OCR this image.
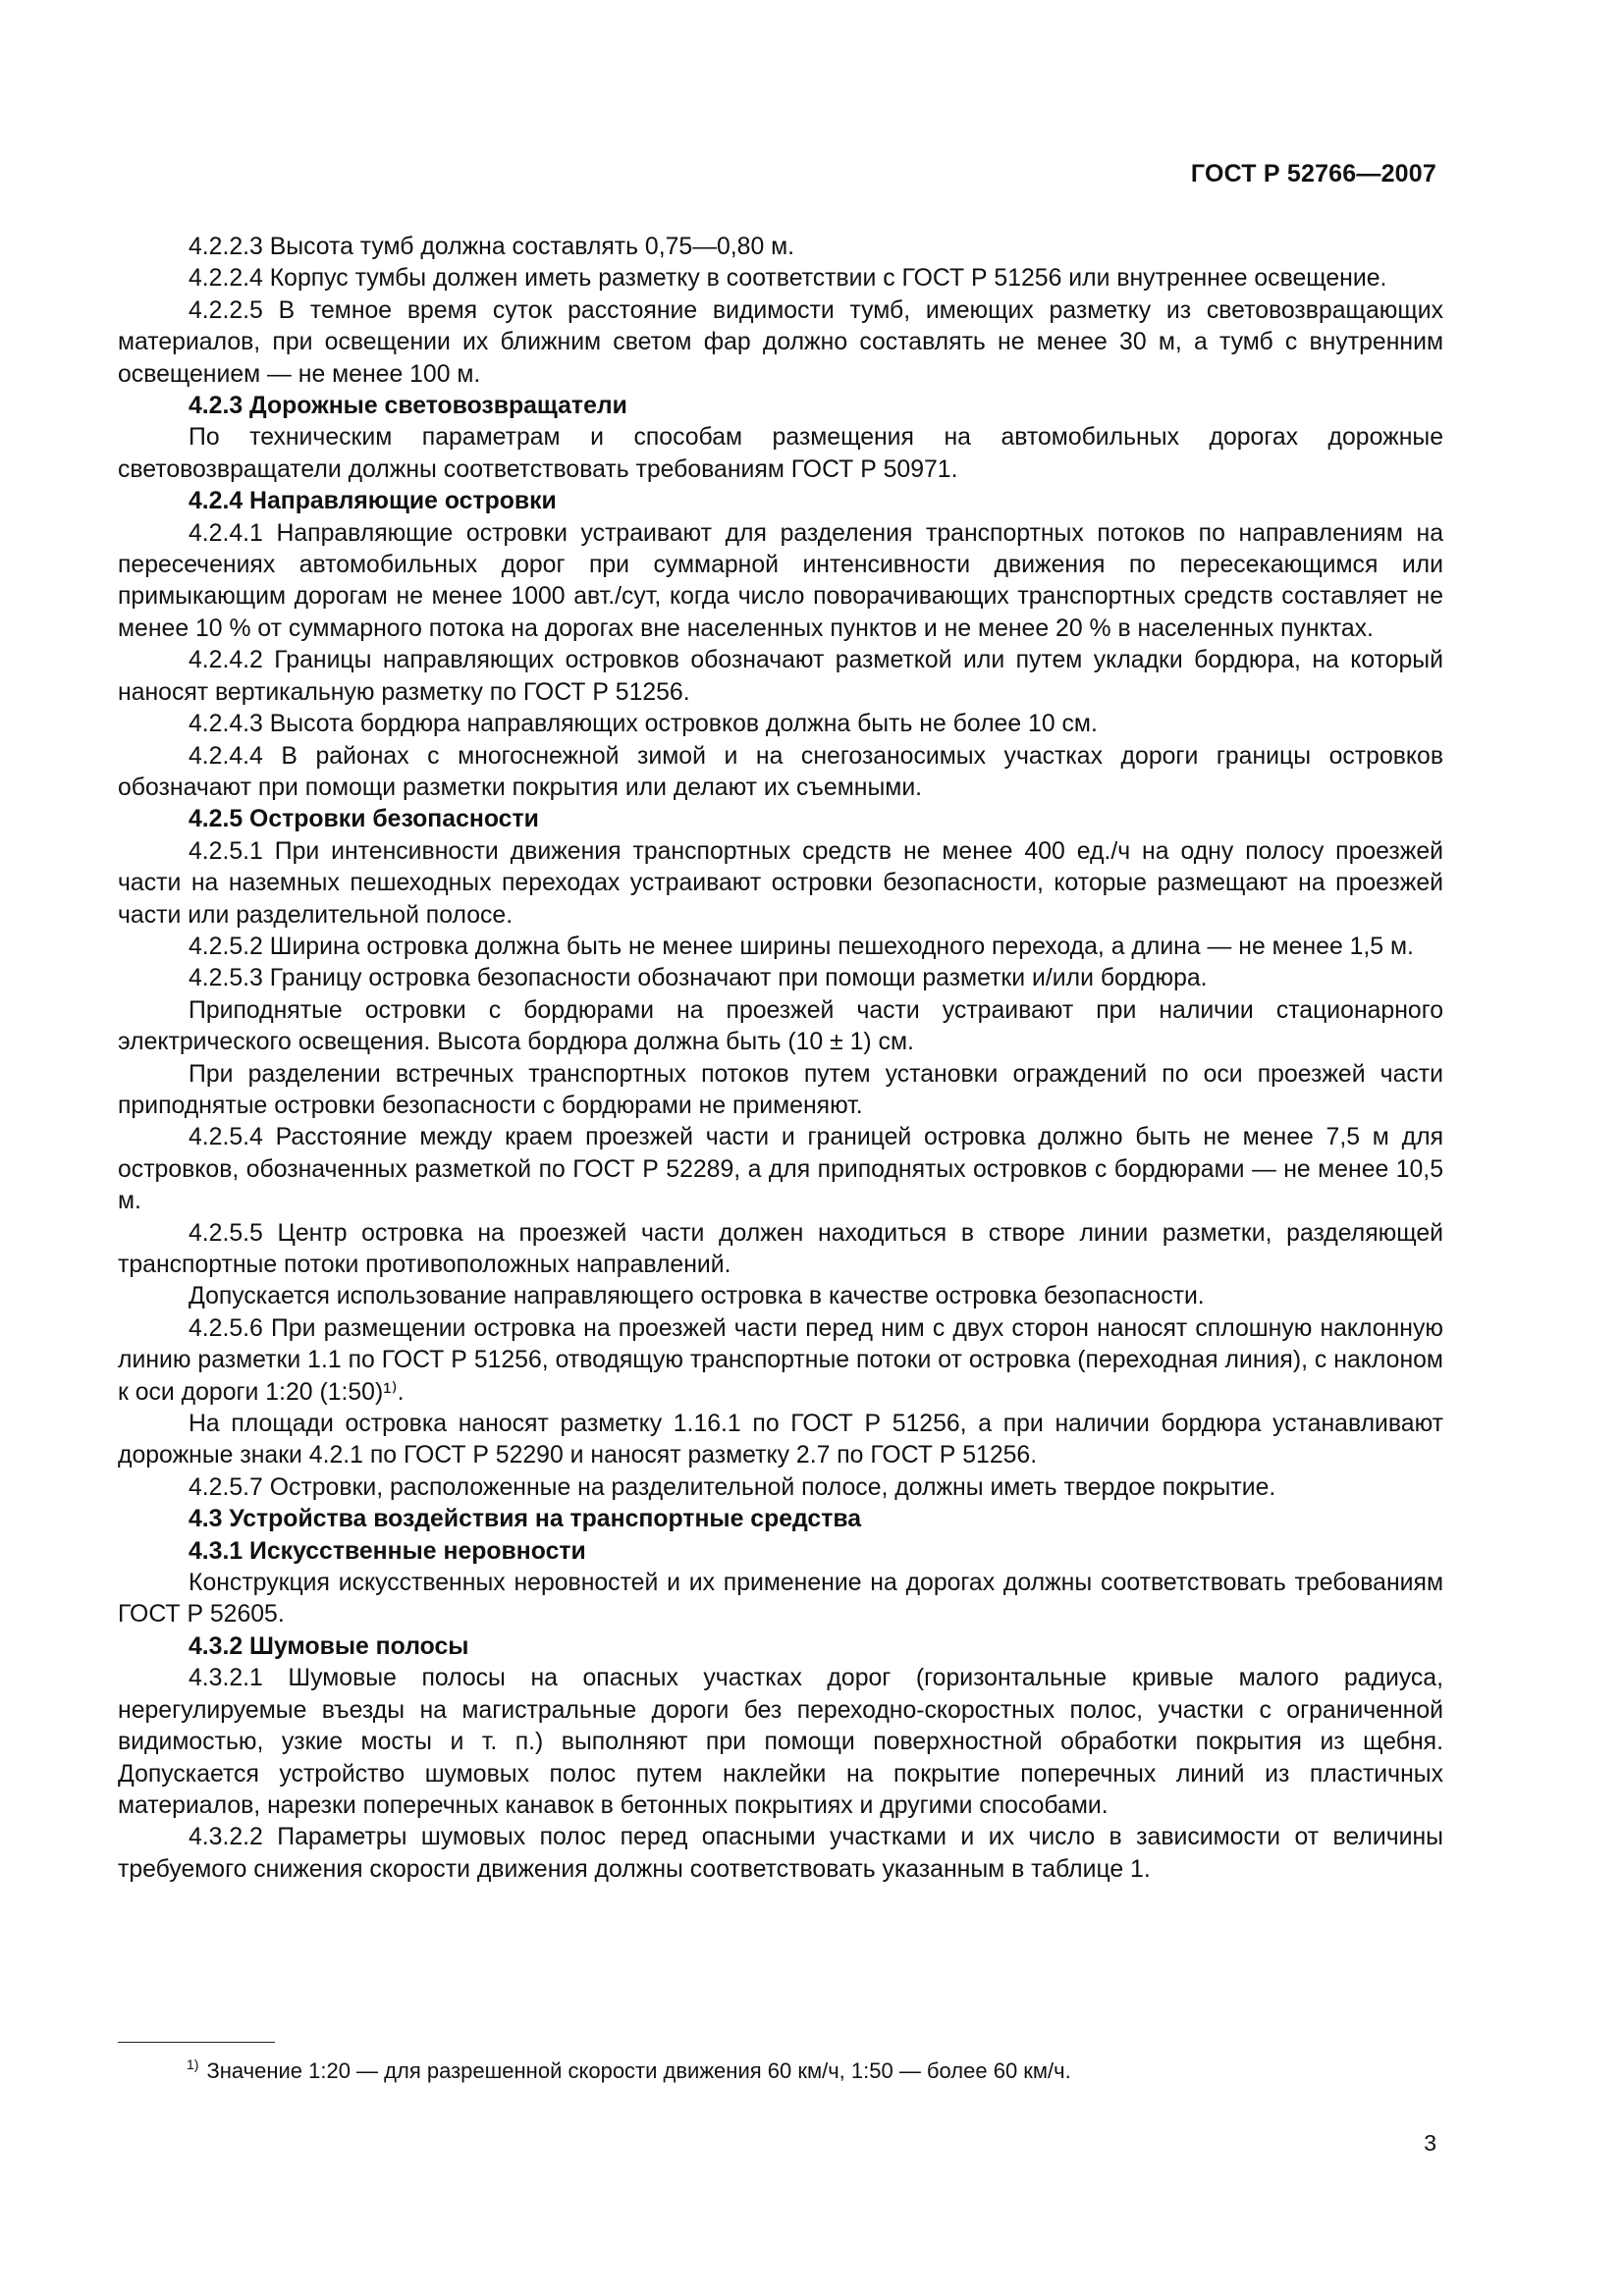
ГОСТ Р 52766—2007

4.2.2.3 Высота тумб должна составлять 0,75—0,80 м.

4.2.2.4 Корпус тумбы должен иметь разметку в соответствии с ГОСТ Р 51256 или внутреннее освещение.

4.2.2.5 В темное время суток расстояние видимости тумб, имеющих разметку из световозвращающих материалов, при освещении их ближним светом фар должно составлять не менее 30 м, а тумб с внутренним освещением — не менее 100 м.

4.2.3 Дорожные световозвращатели

По техническим параметрам и способам размещения на автомобильных дорогах дорожные световозвращатели должны соответствовать требованиям ГОСТ Р 50971.

4.2.4 Направляющие островки

4.2.4.1 Направляющие островки устраивают для разделения транспортных потоков по направлениям на пересечениях автомобильных дорог при суммарной интенсивности движения по пересекающимся или примыкающим дорогам не менее 1000 авт./сут, когда число поворачивающих транспортных средств составляет не менее 10 % от суммарного потока на дорогах вне населенных пунктов и не менее 20 % в населенных пунктах.

4.2.4.2 Границы направляющих островков обозначают разметкой или путем укладки бордюра, на который наносят вертикальную разметку по ГОСТ Р 51256.

4.2.4.3 Высота бордюра направляющих островков должна быть не более 10 см.

4.2.4.4 В районах с многоснежной зимой и на снегозаносимых участках дороги границы островков обозначают при помощи разметки покрытия или делают их съемными.

4.2.5 Островки безопасности

4.2.5.1 При интенсивности движения транспортных средств не менее 400 ед./ч на одну полосу проезжей части на наземных пешеходных переходах устраивают островки безопасности, которые размещают на проезжей части или разделительной полосе.

4.2.5.2 Ширина островка должна быть не менее ширины пешеходного перехода, а длина — не менее 1,5 м.

4.2.5.3 Границу островка безопасности обозначают при помощи разметки и/или бордюра.

Приподнятые островки с бордюрами на проезжей части устраивают при наличии стационарного электрического освещения. Высота бордюра должна быть (10 ± 1) см.

При разделении встречных транспортных потоков путем установки ограждений по оси проезжей части приподнятые островки безопасности с бордюрами не применяют.

4.2.5.4 Расстояние между краем проезжей части и границей островка должно быть не менее 7,5 м для островков, обозначенных разметкой по ГОСТ Р 52289, а для приподнятых островков с бордюрами — не менее 10,5 м.

4.2.5.5 Центр островка на проезжей части должен находиться в створе линии разметки, разделяющей транспортные потоки противоположных направлений.

Допускается использование направляющего островка в качестве островка безопасности.

4.2.5.6 При размещении островка на проезжей части перед ним с двух сторон наносят сплошную наклонную линию разметки 1.1 по ГОСТ Р 51256, отводящую транспортные потоки от островка (переходная линия), с наклоном к оси дороги 1:20 (1:50)¹⁾.

На площади островка наносят разметку 1.16.1 по ГОСТ Р 51256, а при наличии бордюра устанавливают дорожные знаки 4.2.1 по ГОСТ Р 52290 и наносят разметку 2.7 по ГОСТ Р 51256.

4.2.5.7 Островки, расположенные на разделительной полосе, должны иметь твердое покрытие.

4.3 Устройства воздействия на транспортные средства

4.3.1 Искусственные неровности

Конструкция искусственных неровностей и их применение на дорогах должны соответствовать требованиям ГОСТ Р 52605.

4.3.2 Шумовые полосы

4.3.2.1 Шумовые полосы на опасных участках дорог (горизонтальные кривые малого радиуса, нерегулируемые въезды на магистральные дороги без переходно-скоростных полос, участки с ограниченной видимостью, узкие мосты и т. п.) выполняют при помощи поверхностной обработки покрытия из щебня. Допускается устройство шумовых полос путем наклейки на покрытие поперечных линий из пластичных материалов, нарезки поперечных канавок в бетонных покрытиях и другими способами.

4.3.2.2 Параметры шумовых полос перед опасными участками и их число в зависимости от величины требуемого снижения скорости движения должны соответствовать указанным в таблице 1.

$^{1)}$ Значение 1:20 — для разрешенной скорости движения 60 км/ч, 1:50 — более 60 км/ч.
3
